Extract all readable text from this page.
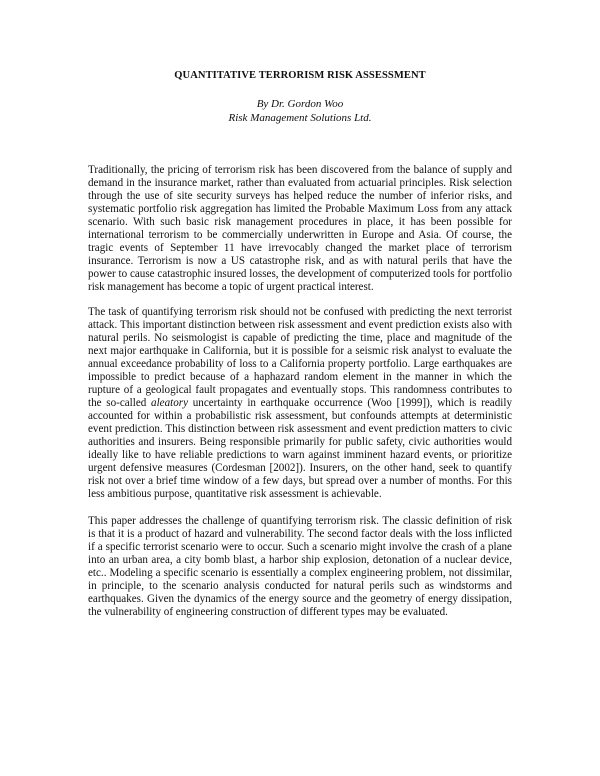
QUANTITATIVE TERRORISM RISK ASSESSMENT
By Dr. Gordon Woo
Risk Management Solutions Ltd.

Traditionally, the pricing of terrorism risk has been discovered from the balance of supply and demand in the insurance market, rather than evaluated from actuarial principles. Risk selection through the use of site security surveys has helped reduce the number of inferior risks, and systematic portfolio risk aggregation has limited the Probable Maximum Loss from any attack scenario. With such basic risk management procedures in place, it has been possible for international terrorism to be commercially underwritten in Europe and Asia. Of course, the tragic events of September 11 have irrevocably changed the market place of terrorism insurance. Terrorism is now a US catastrophe risk, and as with natural perils that have the power to cause catastrophic insured losses, the development of computerized tools for portfolio risk management has become a topic of urgent practical interest.

The task of quantifying terrorism risk should not be confused with predicting the next terrorist attack. This important distinction between risk assessment and event prediction exists also with natural perils. No seismologist is capable of predicting the time, place and magnitude of the next major earthquake in California, but it is possible for a seismic risk analyst to evaluate the annual exceedance probability of loss to a California property portfolio. Large earthquakes are impossible to predict because of a haphazard random element in the manner in which the rupture of a geological fault propagates and eventually stops. This randomness contributes to the so-called aleatory uncertainty in earthquake occurrence (Woo [1999]), which is readily accounted for within a probabilistic risk assessment, but confounds attempts at deterministic event prediction. This distinction between risk assessment and event prediction matters to civic authorities and insurers. Being responsible primarily for public safety, civic authorities would ideally like to have reliable predictions to warn against imminent hazard events, or prioritize urgent defensive measures (Cordesman [2002]). Insurers, on the other hand, seek to quantify risk not over a brief time window of a few days, but spread over a number of months. For this less ambitious purpose, quantitative risk assessment is achievable.

This paper addresses the challenge of quantifying terrorism risk. The classic definition of risk is that it is a product of hazard and vulnerability. The second factor deals with the loss inflicted if a specific terrorist scenario were to occur. Such a scenario might involve the crash of a plane into an urban area, a city bomb blast, a harbor ship explosion, detonation of a nuclear device, etc.. Modeling a specific scenario is essentially a complex engineering problem, not dissimilar, in principle, to the scenario analysis conducted for natural perils such as windstorms and earthquakes. Given the dynamics of the energy source and the geometry of energy dissipation, the vulnerability of engineering construction of different types may be evaluated.
